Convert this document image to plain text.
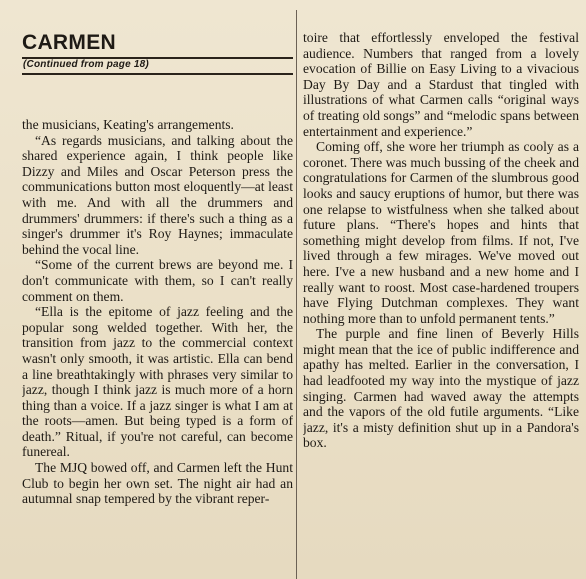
CARMEN
(Continued from page 18)

the musicians, Keating's arrangements.

“As regards musicians, and talking about the shared experience again, I think people like Dizzy and Miles and Oscar Peterson press the communications button most eloquently—at least with me. And with all the drummers and drummers' drummers: if there's such a thing as a singer's drummer it's Roy Haynes; immaculate behind the vocal line.

“Some of the current brews are beyond me. I don't communicate with them, so I can't really comment on them.

“Ella is the epitome of jazz feeling and the popular song welded together. With her, the transition from jazz to the commercial context wasn't only smooth, it was artistic. Ella can bend a line breathtakingly with phrases very similar to jazz, though I think jazz is much more of a horn thing than a voice. If a jazz singer is what I am at the roots—amen. But being typed is a form of death.” Ritual, if you're not careful, can become funereal.

The MJQ bowed off, and Carmen left the Hunt Club to begin her own set. The night air had an autumnal snap tempered by the vibrant reper-

toire that effortlessly enveloped the festival audience. Numbers that ranged from a lovely evocation of Billie on Easy Living to a vivacious Day By Day and a Stardust that tingled with illustrations of what Carmen calls “original ways of treating old songs” and “melodic spans between entertainment and experience.”

Coming off, she wore her triumph as cooly as a coronet. There was much bussing of the cheek and congratulations for Carmen of the slumbrous good looks and saucy eruptions of humor, but there was one relapse to wistfulness when she talked about future plans. “There's hopes and hints that something might develop from films. If not, I've lived through a few mirages. We've moved out here. I've a new husband and a new home and I really want to roost. Most case-hardened troupers have Flying Dutchman complexes. They want nothing more than to unfold permanent tents.”

The purple and fine linen of Beverly Hills might mean that the ice of public indifference and apathy has melted. Earlier in the conversation, I had leadfooted my way into the mystique of jazz singing. Carmen had waved away the attempts and the vapors of the old futile arguments. “Like jazz, it's a misty definition shut up in a Pandora's box.
